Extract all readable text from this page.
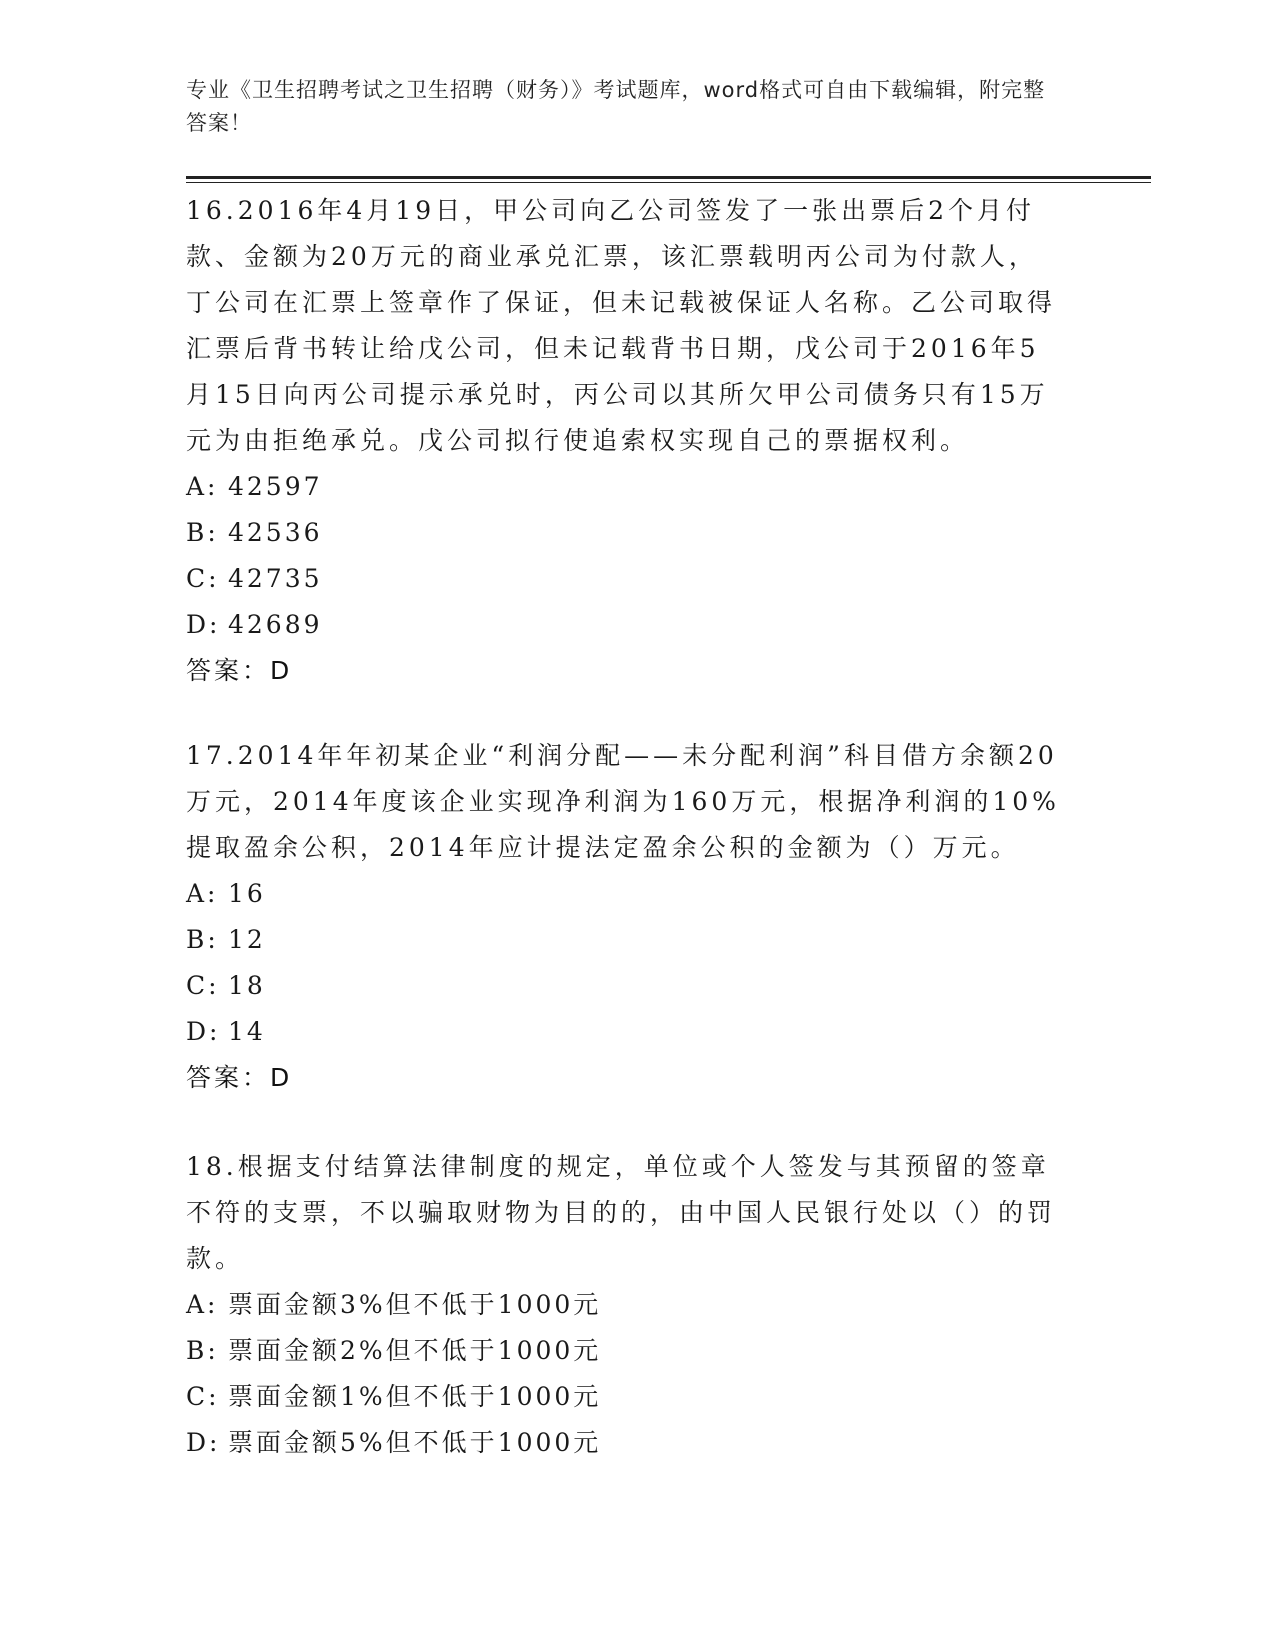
专业《卫生招聘考试之卫生招聘（财务）》考试题库，word格式可自由下载编辑，附完整答案！

16.2016年4月19日，甲公司向乙公司签发了一张出票后2个月付款、金额为20万元的商业承兑汇票，该汇票载明丙公司为付款人，丁公司在汇票上签章作了保证，但未记载被保证人名称。乙公司取得汇票后背书转让给戊公司，但未记载背书日期，戊公司于2016年5月15日向丙公司提示承兑时，丙公司以其所欠甲公司债务只有15万元为由拒绝承兑。戊公司拟行使追索权实现自己的票据权利。

A: 42597

B: 42536

C: 42735

D: 42689

答案：D

17.2014年年初某企业“利润分配——未分配利润”科目借方余额20万元，2014年度该企业实现净利润为160万元，根据净利润的10%提取盈余公积，2014年应计提法定盈余公积的金额为（）万元。

A: 16

B: 12

C: 18

D: 14

答案：D

18.根据支付结算法律制度的规定，单位或个人签发与其预留的签章不符的支票，不以骗取财物为目的的，由中国人民银行处以（）的罚款。

A: 票面金额3%但不低于1000元

B: 票面金额2%但不低于1000元

C: 票面金额1%但不低于1000元

D: 票面金额5%但不低于1000元
